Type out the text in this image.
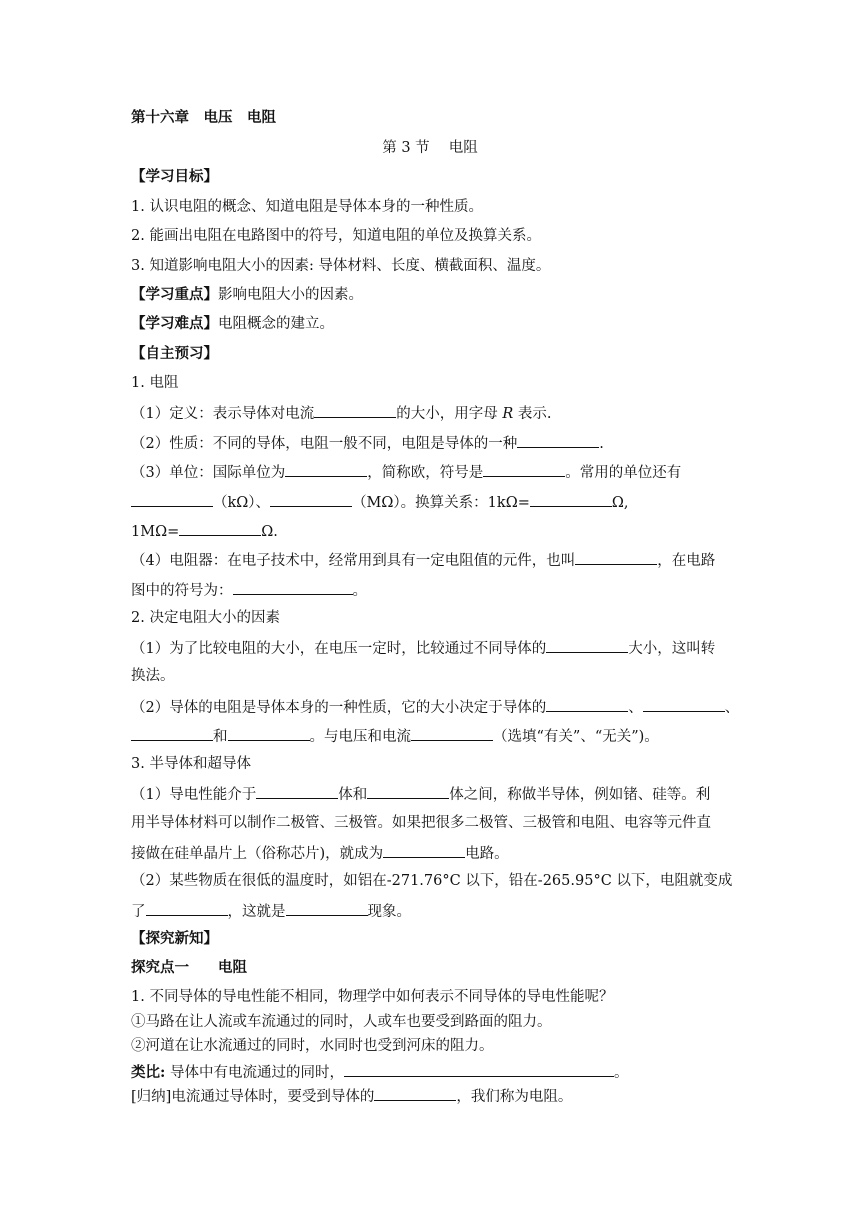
第十六章　电压　电阻
第 3 节　 电阻
【学习目标】
1. 认识电阻的概念、知道电阻是导体本身的一种性质。
2. 能画出电阻在电路图中的符号，知道电阻的单位及换算关系。
3. 知道影响电阻大小的因素: 导体材料、长度、横截面积、温度。
【学习重点】影响电阻大小的因素。
【学习难点】电阻概念的建立。
【自主预习】
1. 电阻
（1）定义：表示导体对电流	的大小，用字母 R 表示.
（2）性质：不同的导体，电阻一般不同，电阻是导体的一种	.
（3）单位：国际单位为	，简称欧，符号是	。常用的单位还有
（kΩ）、	（MΩ）。换算关系：1kΩ=	Ω,
1MΩ=	Ω.
（4）电阻器：在电子技术中，经常用到具有一定电阻值的元件，也叫	，在电路
图中的符号为：	。
2. 决定电阻大小的因素
（1）为了比较电阻的大小，在电压一定时，比较通过不同导体的	大小，这叫转
换法。
（2）导体的电阻是导体本身的一种性质，它的大小决定于导体的	、	、
和	。与电压和电流	（选填“有关”、“无关”)。
3. 半导体和超导体
（1）导电性能介于	体和	体之间，称做半导体，例如锗、硅等。利
用半导体材料可以制作二极管、三极管。如果把很多二极管、三极管和电阻、电容等元件直
接做在硅单晶片上（俗称芯片)，就成为	电路。
（2）某些物质在很低的温度时，如铝在-271.76°C 以下，铅在-265.95°C 以下，电阻就变成
了	，这就是	现象。
【探究新知】
探究点一　　电阻
1. 不同导体的导电性能不相同，物理学中如何表示不同导体的导电性能呢？
①马路在让人流或车流通过的同时，人或车也要受到路面的阻力。
②河道在让水流通过的同时，水同时也受到河床的阻力。
类比: 导体中有电流通过的同时，	。
[归纳]电流通过导体时，要受到导体的	，我们称为电阻。
